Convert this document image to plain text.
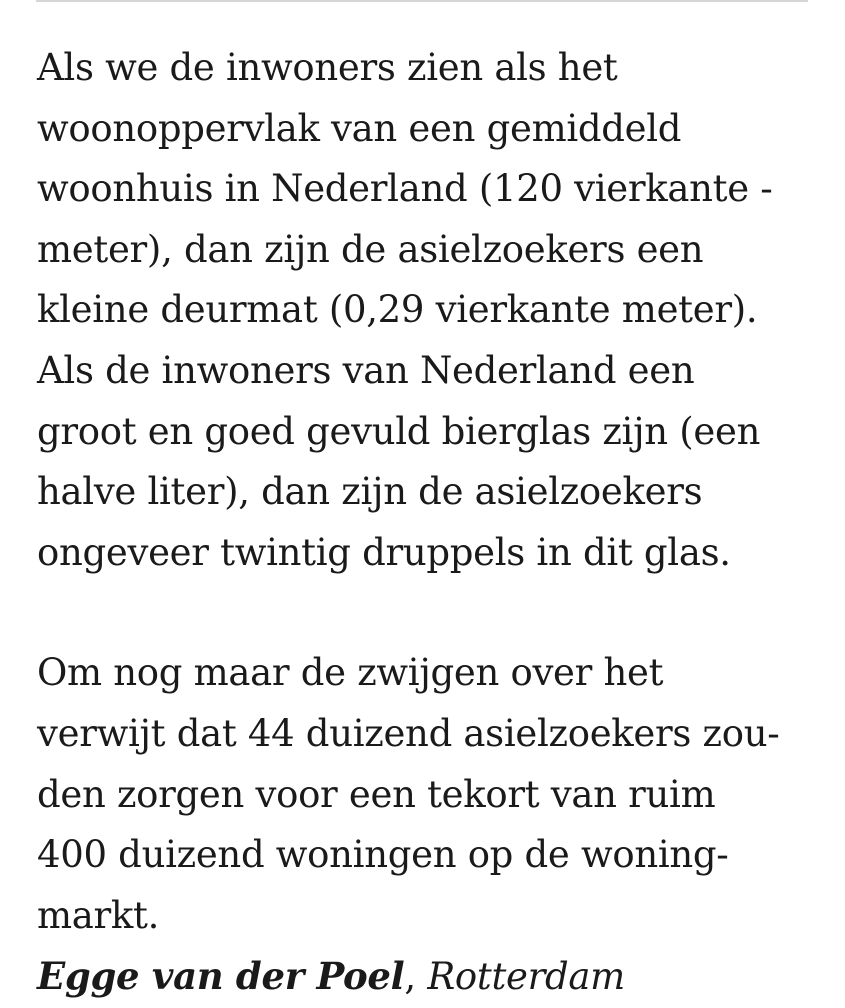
Als we de inwoners zien als het
woonoppervlak van een gemiddeld
woonhuis in Nederland (120 vierkante -
meter), dan zijn de asielzoekers een
kleine deurmat (0,29 vierkante meter).
Als de inwoners van Nederland een
groot en goed gevuld bierglas zijn (een
halve liter), dan zijn de asielzoekers
ongeveer twintig druppels in dit glas.

Om nog maar de zwijgen over het
verwijt dat 44 duizend asielzoekers zou-
den zorgen voor een tekort van ruim
400 duizend woningen op de woning-
markt.

Egge van der Poel, Rotterdam
